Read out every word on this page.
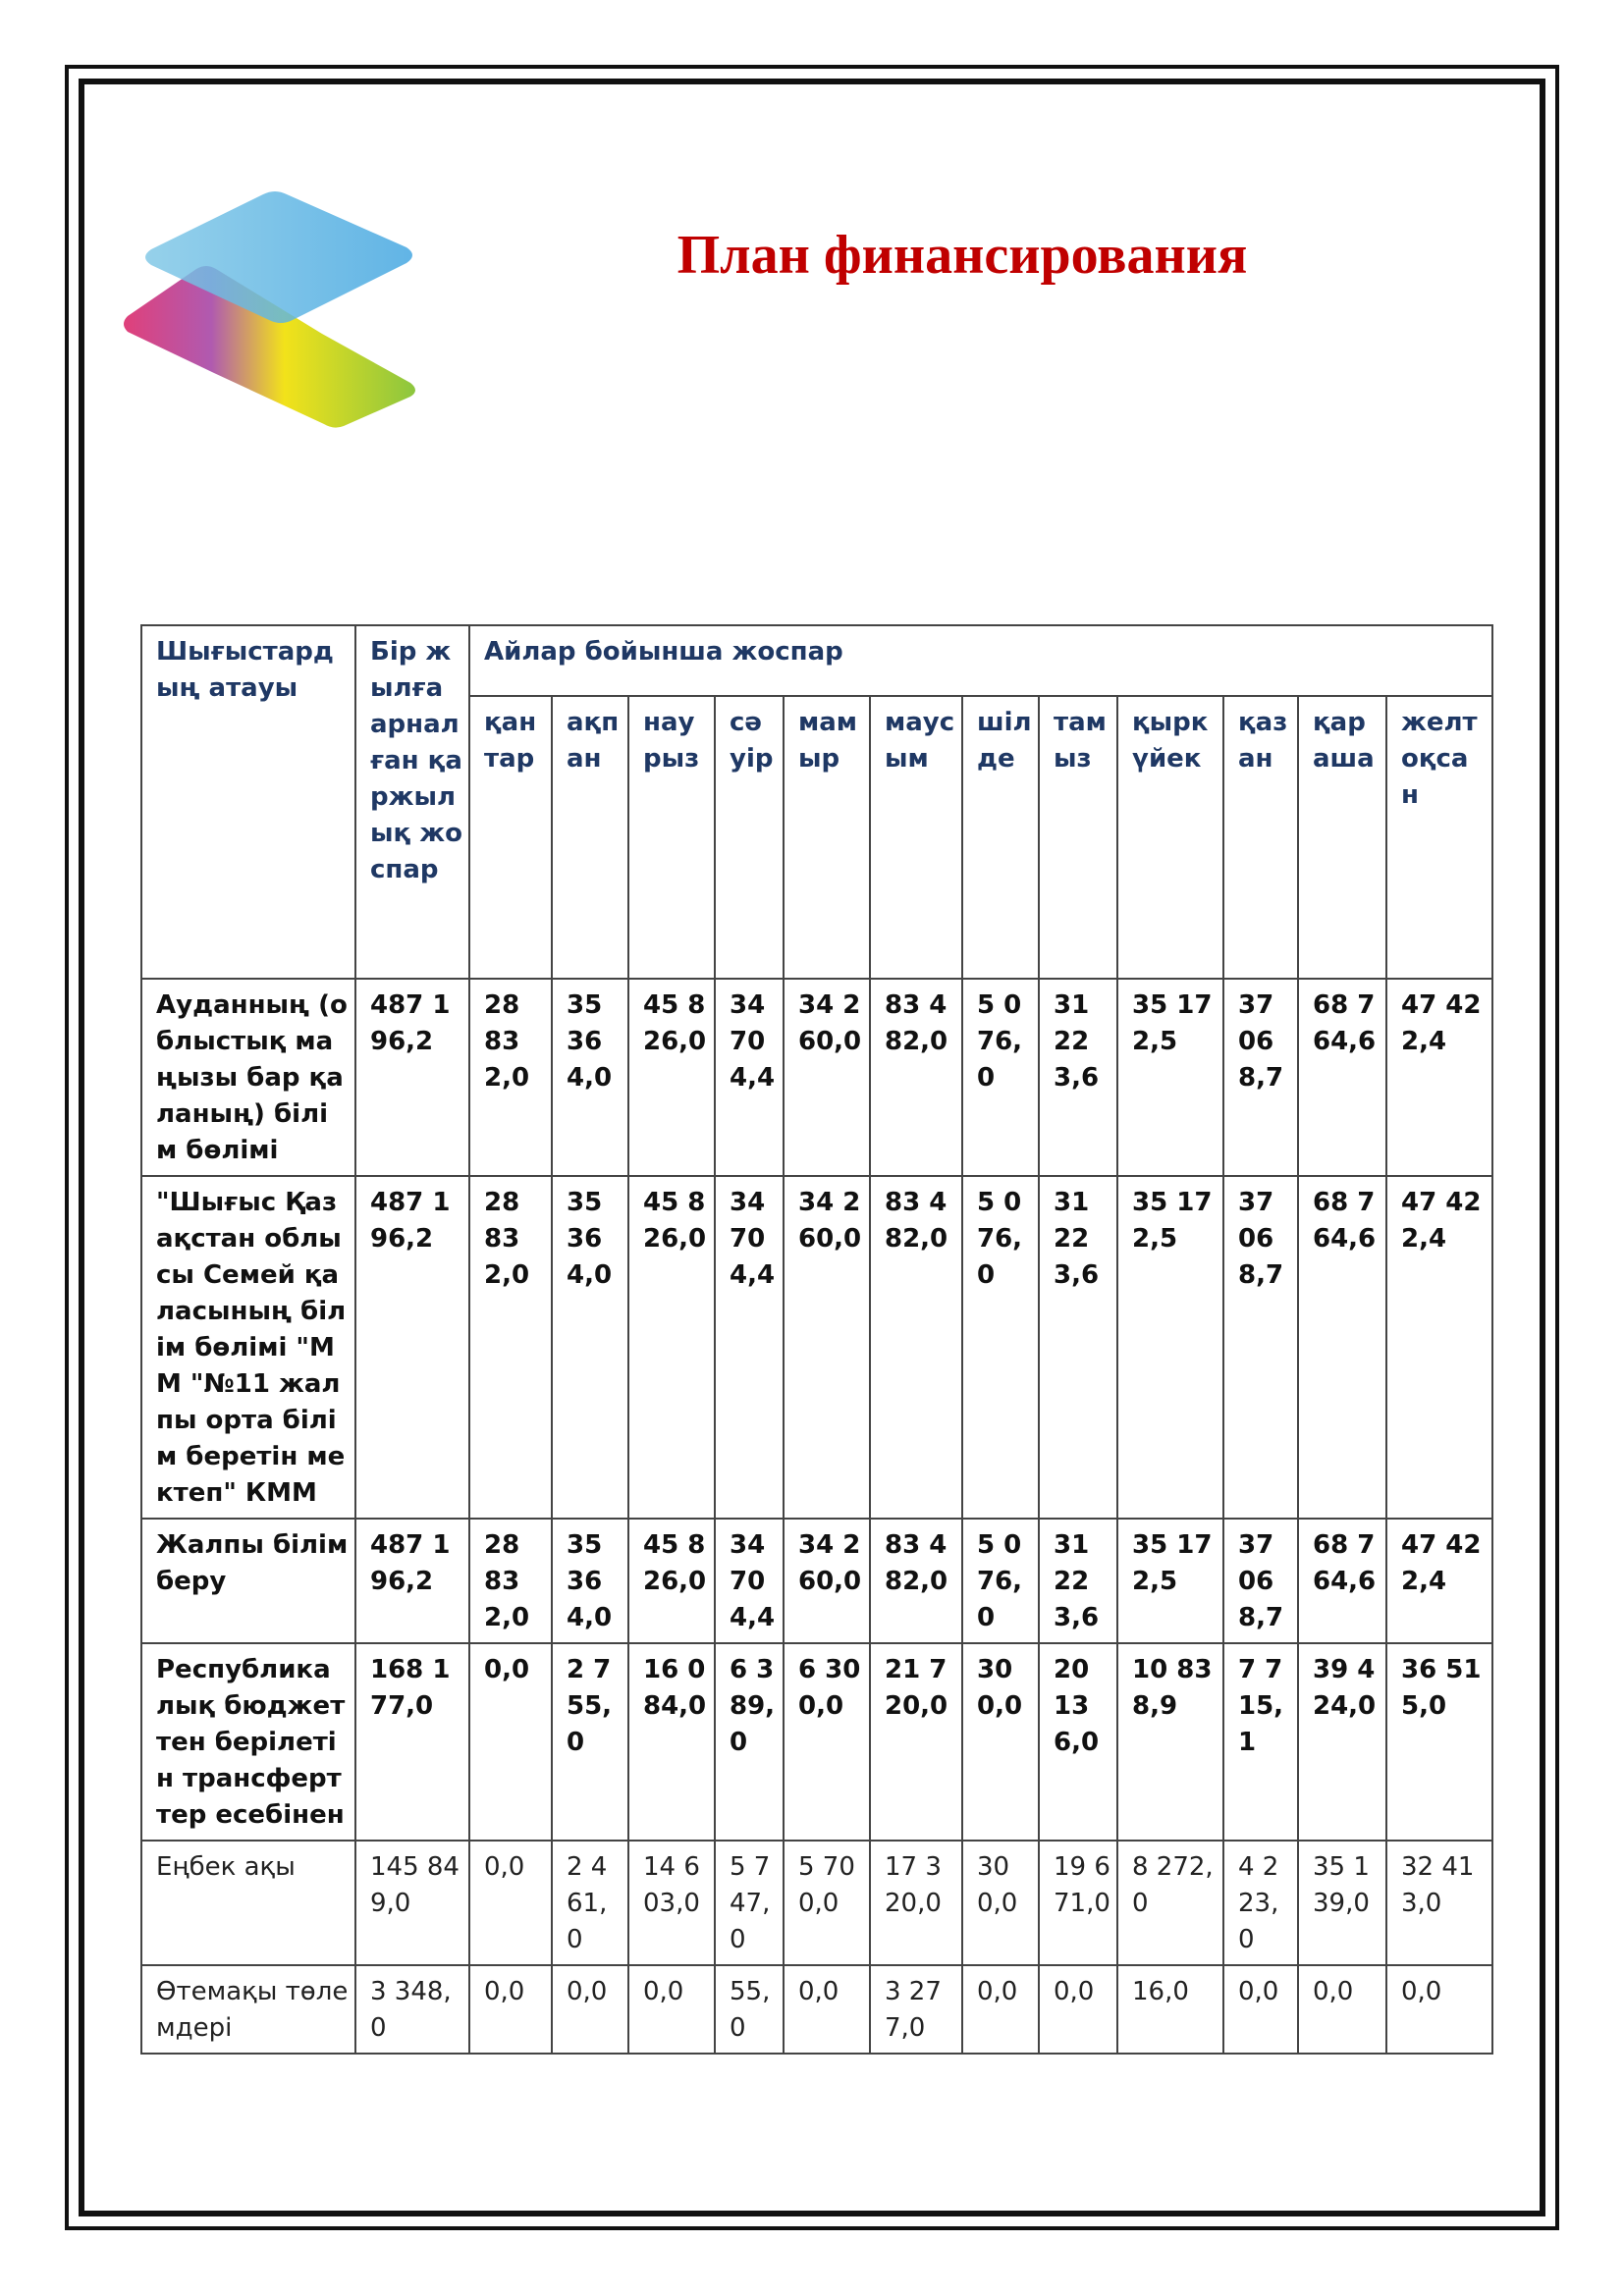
План финансирования
Шығыстардың атауы	Бір жылға арналған қаржылық жоспар	Айлар бойынша жоспар											
		қантар	ақпан	наурыз	сәуір	мамыр	маусым	шілде	тамыз	қыркүйек	қазан	қараша	желтоқсан
Ауданның (облыстық маңызы бар қаланың) білім бөлімі	487 196,2	28 832,0	35 364,0	45 826,0	34 704,4	34 260,0	83 482,0	5 076,0	31 223,6	35 172,5	37 068,7	68 764,6	47 422,4
"Шығыс Қазақстан облысы Семей қаласының білім бөлімі "ММ "№11 жалпы орта білім беретін мектеп" КММ	487 196,2	28 832,0	35 364,0	45 826,0	34 704,4	34 260,0	83 482,0	5 076,0	31 223,6	35 172,5	37 068,7	68 764,6	47 422,4
Жалпы білім беру	487 196,2	28 832,0	35 364,0	45 826,0	34 704,4	34 260,0	83 482,0	5 076,0	31 223,6	35 172,5	37 068,7	68 764,6	47 422,4
Республикалық бюджеттен берілетін трансферттер есебінен	168 177,0	0,0	2 755,0	16 084,0	6 389,0	6 300,0	21 720,0	300,0	20 136,0	10 838,9	7 715,1	39 424,0	36 515,0
Еңбек ақы	145 849,0	0,0	2 461,0	14 603,0	5 747,0	5 700,0	17 320,0	300,0	19 671,0	8 272,0	4 223,0	35 139,0	32 413,0
Өтемақы төлемдері	3 348,0	0,0	0,0	0,0	55,0	0,0	3 277,0	0,0	0,0	16,0	0,0	0,0	0,0
